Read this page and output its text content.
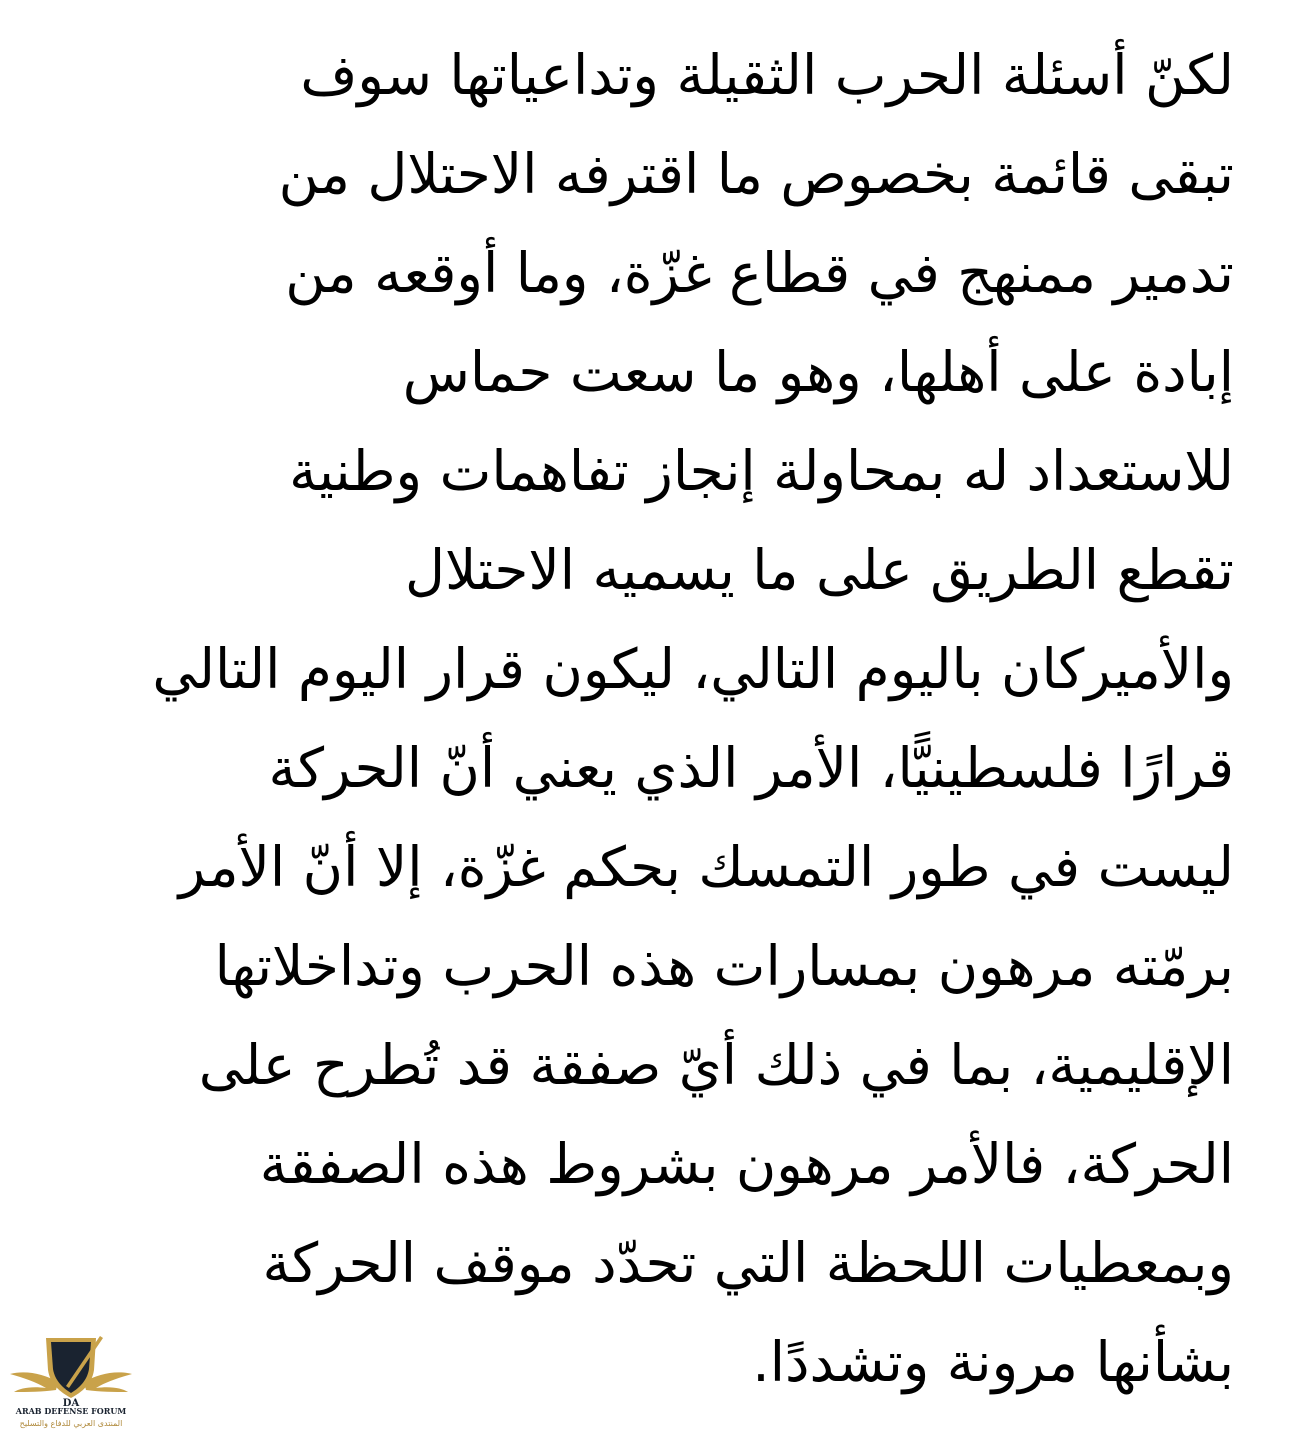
لكنّ أسئلة الحرب الثقيلة وتداعياتها سوف
تبقى قائمة بخصوص ما اقترفه الاحتلال من
تدمير ممنهج في قطاع غزّة، وما أوقعه من
إبادة على أهلها، وهو ما سعت حماس
للاستعداد له بمحاولة إنجاز تفاهمات وطنية
تقطع الطريق على ما يسميه الاحتلال
والأميركان باليوم التالي، ليكون قرار اليوم التالي
قرارًا فلسطينيًّا، الأمر الذي يعني أنّ الحركة
ليست في طور التمسك بحكم غزّة، إلا أنّ الأمر
برمّته مرهون بمسارات هذه الحرب وتداخلاتها
الإقليمية، بما في ذلك أيّ صفقة قد تُطرح على
الحركة، فالأمر مرهون بشروط هذه الصفقة
وبمعطيات اللحظة التي تحدّد موقف الحركة
بشأنها مرونة وتشددًا.
DA
ARAB DEFENSE FORUM
المنتدى العربي للدفاع والتسليح
